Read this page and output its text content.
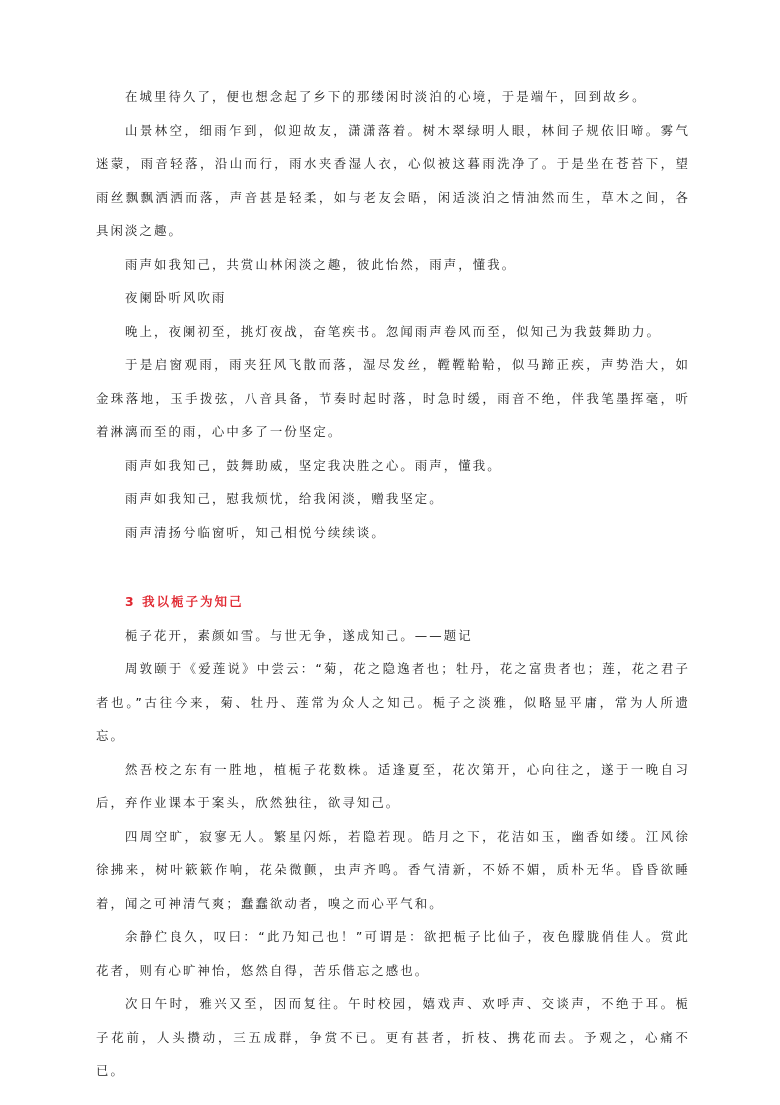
在城里待久了，便也想念起了乡下的那缕闲时淡泊的心境，于是端午，回到故乡。

山景林空，细雨乍到，似迎故友，潇潇落着。树木翠绿明人眼，林间子规依旧啼。雾气迷蒙，雨音轻落，沿山而行，雨水夹香湿人衣，心似被这暮雨洗净了。于是坐在苍苔下，望雨丝飘飘洒洒而落，声音甚是轻柔，如与老友会晤，闲适淡泊之情油然而生，草木之间，各具闲淡之趣。

雨声如我知己，共赏山林闲淡之趣，彼此怡然，雨声，懂我。

夜阑卧听风吹雨

晚上，夜阑初至，挑灯夜战，奋笔疾书。忽闻雨声卷风而至，似知己为我鼓舞助力。

于是启窗观雨，雨夹狂风飞散而落，湿尽发丝，鞺鞺鞈鞈，似马蹄正疾，声势浩大，如金珠落地，玉手拨弦，八音具备，节奏时起时落，时急时缓，雨音不绝，伴我笔墨挥毫，听着淋漓而至的雨，心中多了一份坚定。

雨声如我知己，鼓舞助威，坚定我决胜之心。雨声，懂我。

雨声如我知己，慰我烦忧，给我闲淡，赠我坚定。

雨声清扬兮临窗听，知己相悦兮续续谈。

3 我以栀子为知己

栀子花开，素颜如雪。与世无争，遂成知己。——题记

周敦颐于《爱莲说》中尝云：“菊，花之隐逸者也；牡丹，花之富贵者也；莲，花之君子者也。”古往今来，菊、牡丹、莲常为众人之知己。栀子之淡雅，似略显平庸，常为人所遗忘。

然吾校之东有一胜地，植栀子花数株。适逢夏至，花次第开，心向往之，遂于一晚自习后，弃作业课本于案头，欣然独往，欲寻知己。

四周空旷，寂寥无人。繁星闪烁，若隐若现。皓月之下，花洁如玉，幽香如缕。江风徐徐拂来，树叶簌簌作响，花朵微颤，虫声齐鸣。香气清新，不娇不媚，质朴无华。昏昏欲睡着，闻之可神清气爽；蠢蠢欲动者，嗅之而心平气和。

余静伫良久，叹曰：“此乃知己也！”可谓是：欲把栀子比仙子，夜色朦胧俏佳人。赏此花者，则有心旷神怡，悠然自得，苦乐偕忘之感也。

次日午时，雅兴又至，因而复往。午时校园，嬉戏声、欢呼声、交谈声，不绝于耳。栀子花前，人头攒动，三五成群，争赏不已。更有甚者，折枝、携花而去。予观之，心痛不已。
